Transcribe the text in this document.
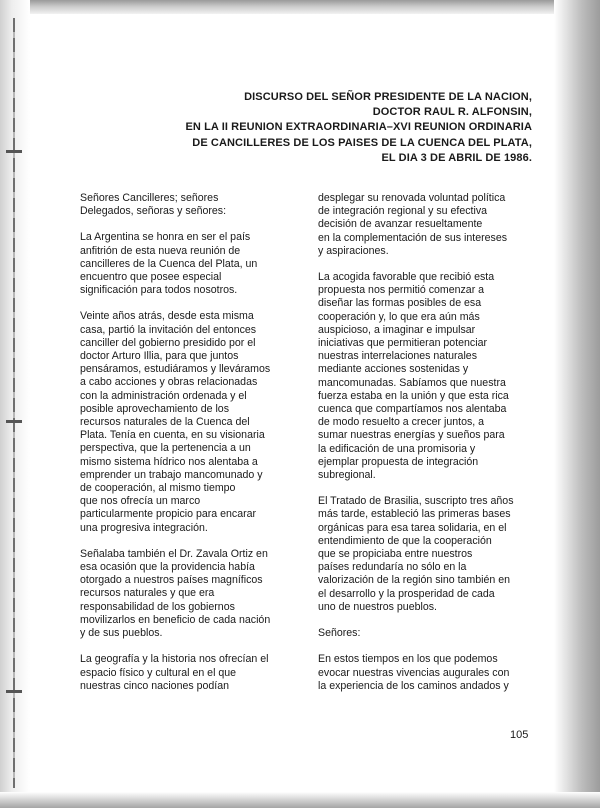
DISCURSO DEL SEÑOR PRESIDENTE DE LA NACION,
DOCTOR RAUL R. ALFONSIN,
EN LA II REUNION EXTRAORDINARIA–XVI REUNION ORDINARIA
DE CANCILLERES DE LOS PAISES DE LA CUENCA DEL PLATA,
EL DIA 3 DE ABRIL DE 1986.

Señores Cancilleres; señores
Delegados, señoras y señores:

La Argentina se honra en ser el país
anfitrión de esta nueva reunión de
cancilleres de la Cuenca del Plata, un
encuentro que posee especial
significación para todos nosotros.

Veinte años atrás, desde esta misma
casa, partió la invitación del entonces
canciller del gobierno presidido por el
doctor Arturo Illia, para que juntos
pensáramos, estudiáramos y lleváramos
a cabo acciones y obras relacionadas
con la administración ordenada y el
posible aprovechamiento de los
recursos naturales de la Cuenca del
Plata. Tenía en cuenta, en su visionaria
perspectiva, que la pertenencia a un
mismo sistema hídrico nos alentaba a
emprender un trabajo mancomunado y
de cooperación, al mismo tiempo
que nos ofrecía un marco
particularmente propicio para encarar
una progresiva integración.

Señalaba también el Dr. Zavala Ortiz en
esa ocasión que la providencia había
otorgado a nuestros países magníficos
recursos naturales y que era
responsabilidad de los gobiernos
movilizarlos en beneficio de cada nación
y de sus pueblos.

La geografía y la historia nos ofrecían el
espacio físico y cultural en el que
nuestras cinco naciones podían

desplegar su renovada voluntad política
de integración regional y su efectiva
decisión de avanzar resueltamente
en la complementación de sus intereses
y aspiraciones.

La acogida favorable que recibió esta
propuesta nos permitió comenzar a
diseñar las formas posibles de esa
cooperación y, lo que era aún más
auspicioso, a imaginar e impulsar
iniciativas que permitieran potenciar
nuestras interrelaciones naturales
mediante acciones sostenidas y
mancomunadas. Sabíamos que nuestra
fuerza estaba en la unión y que esta rica
cuenca que compartíamos nos alentaba
de modo resuelto a crecer juntos, a
sumar nuestras energías y sueños para
la edificación de una promisoria y
ejemplar propuesta de integración
subregional.

El Tratado de Brasilia, suscripto tres años
más tarde, estableció las primeras bases
orgánicas para esa tarea solidaria, en el
entendimiento de que la cooperación
que se propiciaba entre nuestros
países redundaría no sólo en la
valorización de la región sino también en
el desarrollo y la prosperidad de cada
uno de nuestros pueblos.

Señores:

En estos tiempos en los que podemos
evocar nuestras vivencias augurales con
la experiencia de los caminos andados y

105
